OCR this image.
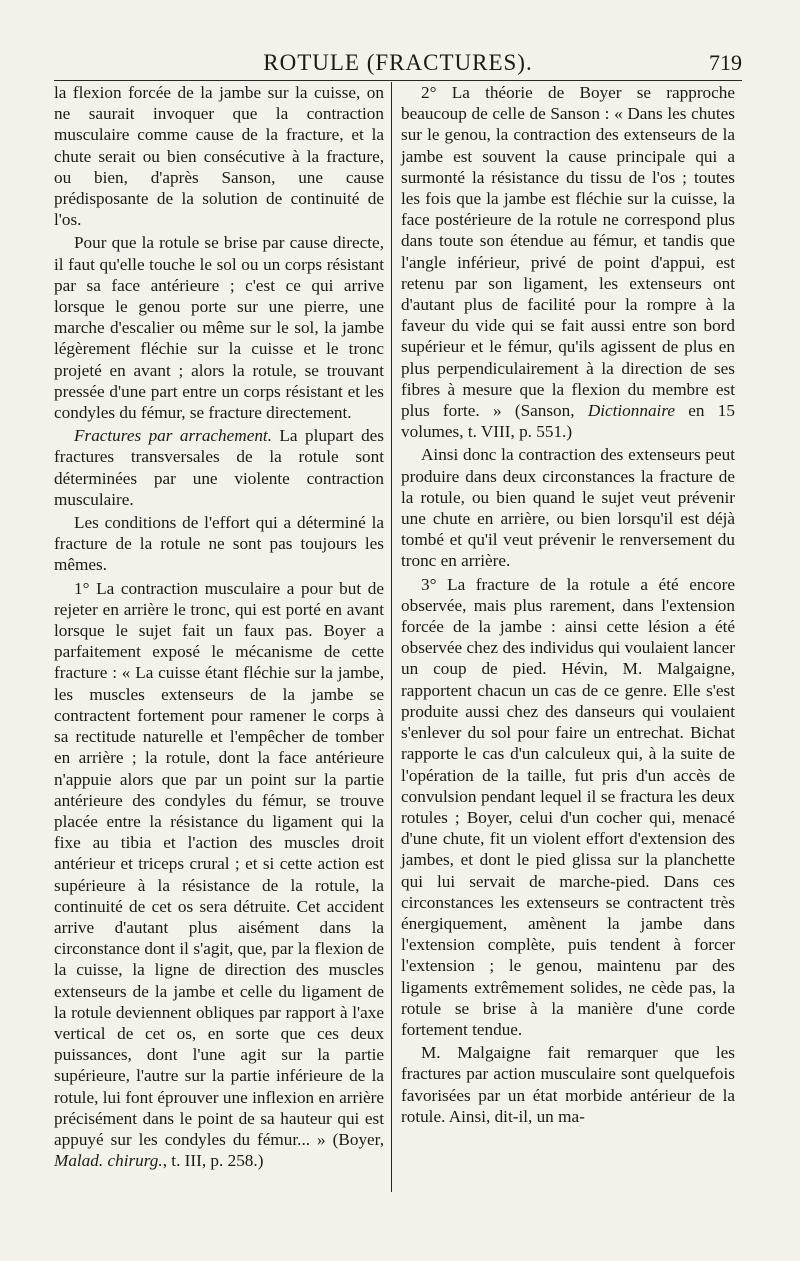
ROTULE (FRACTURES).	719

la flexion forcée de la jambe sur la cuisse, on ne saurait invoquer que la contraction musculaire comme cause de la fracture, et la chute serait ou bien consécutive à la fracture, ou bien, d'après Sanson, une cause prédisposante de la solution de continuité de l'os.

Pour que la rotule se brise par cause directe, il faut qu'elle touche le sol ou un corps résistant par sa face antérieure ; c'est ce qui arrive lorsque le genou porte sur une pierre, une marche d'escalier ou même sur le sol, la jambe légèrement fléchie sur la cuisse et le tronc projeté en avant ; alors la rotule, se trouvant pressée d'une part entre un corps résistant et les condyles du fémur, se fracture directement.

Fractures par arrachement. La plupart des fractures transversales de la rotule sont déterminées par une violente contraction musculaire.

Les conditions de l'effort qui a déterminé la fracture de la rotule ne sont pas toujours les mêmes.

1° La contraction musculaire a pour but de rejeter en arrière le tronc, qui est porté en avant lorsque le sujet fait un faux pas. Boyer a parfaitement exposé le mécanisme de cette fracture : « La cuisse étant fléchie sur la jambe, les muscles extenseurs de la jambe se contractent fortement pour ramener le corps à sa rectitude naturelle et l'empêcher de tomber en arrière ; la rotule, dont la face antérieure n'appuie alors que par un point sur la partie antérieure des condyles du fémur, se trouve placée entre la résistance du ligament qui la fixe au tibia et l'action des muscles droit antérieur et triceps crural ; et si cette action est supérieure à la résistance de la rotule, la continuité de cet os sera détruite. Cet accident arrive d'autant plus aisément dans la circonstance dont il s'agit, que, par la flexion de la cuisse, la ligne de direction des muscles extenseurs de la jambe et celle du ligament de la rotule deviennent obliques par rapport à l'axe vertical de cet os, en sorte que ces deux puissances, dont l'une agit sur la partie supérieure, l'autre sur la partie inférieure de la rotule, lui font éprouver une inflexion en arrière précisément dans le point de sa hauteur qui est appuyé sur les condyles du fémur... » (Boyer, Malad. chirurg., t. III, p. 258.)

2° La théorie de Boyer se rapproche beaucoup de celle de Sanson : « Dans les chutes sur le genou, la contraction des extenseurs de la jambe est souvent la cause principale qui a surmonté la résistance du tissu de l'os ; toutes les fois que la jambe est fléchie sur la cuisse, la face postérieure de la rotule ne correspond plus dans toute son étendue au fémur, et tandis que l'angle inférieur, privé de point d'appui, est retenu par son ligament, les extenseurs ont d'autant plus de facilité pour la rompre à la faveur du vide qui se fait aussi entre son bord supérieur et le fémur, qu'ils agissent de plus en plus perpendiculairement à la direction de ses fibres à mesure que la flexion du membre est plus forte. » (Sanson, Dictionnaire en 15 volumes, t. VIII, p. 551.)

Ainsi donc la contraction des extenseurs peut produire dans deux circonstances la fracture de la rotule, ou bien quand le sujet veut prévenir une chute en arrière, ou bien lorsqu'il est déjà tombé et qu'il veut prévenir le renversement du tronc en arrière.

3° La fracture de la rotule a été encore observée, mais plus rarement, dans l'extension forcée de la jambe : ainsi cette lésion a été observée chez des individus qui voulaient lancer un coup de pied. Hévin, M. Malgaigne, rapportent chacun un cas de ce genre. Elle s'est produite aussi chez des danseurs qui voulaient s'enlever du sol pour faire un entrechat. Bichat rapporte le cas d'un calculeux qui, à la suite de l'opération de la taille, fut pris d'un accès de convulsion pendant lequel il se fractura les deux rotules ; Boyer, celui d'un cocher qui, menacé d'une chute, fit un violent effort d'extension des jambes, et dont le pied glissa sur la planchette qui lui servait de marche-pied. Dans ces circonstances les extenseurs se contractent très énergiquement, amènent la jambe dans l'extension complète, puis tendent à forcer l'extension ; le genou, maintenu par des ligaments extrêmement solides, ne cède pas, la rotule se brise à la manière d'une corde fortement tendue.

M. Malgaigne fait remarquer que les fractures par action musculaire sont quelquefois favorisées par un état morbide antérieur de la rotule. Ainsi, dit-il, un ma-
